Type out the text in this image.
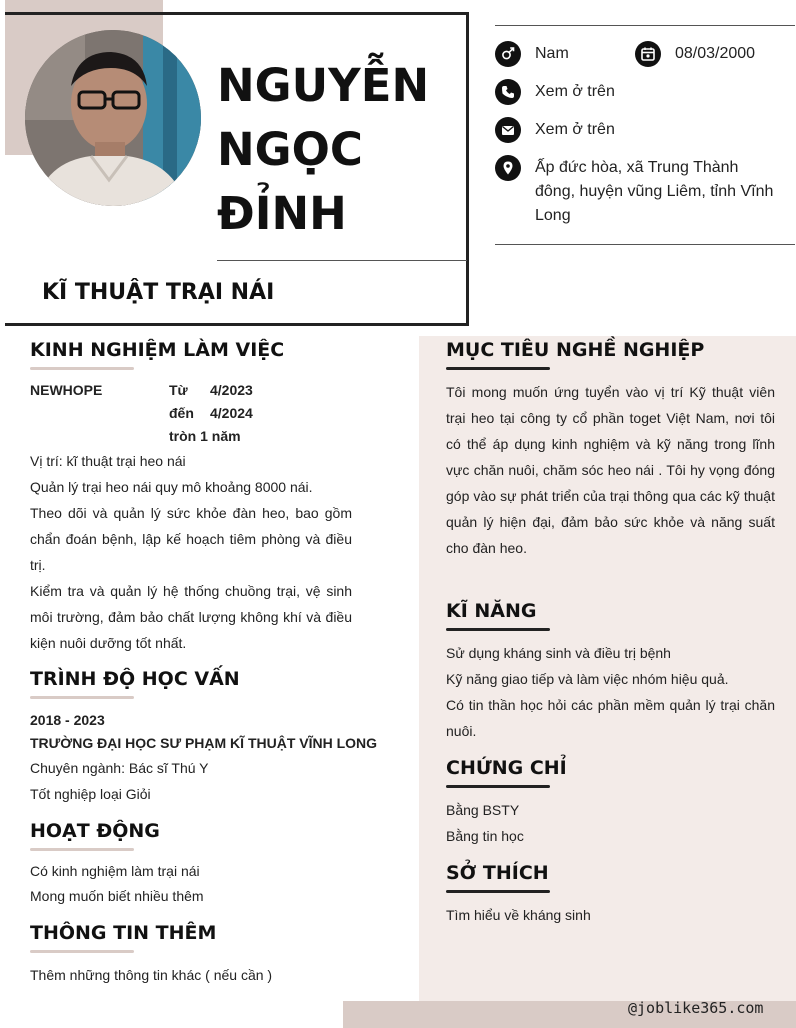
NGUYỄN NGỌC ĐỈNH
KĨ THUẬT TRẠI NÁI
Nam	08/03/2000
Xem ở trên
Xem ở trên
Ấp đức hòa, xã Trung Thành đông, huyện vũng Liêm, tỉnh Vĩnh Long
KINH NGHIỆM LÀM VIỆC
NEWHOPE	Từ 4/2023
đến 4/2024
tròn 1 năm
Vị trí: kĩ thuật trại heo nái
Quản lý trại heo nái quy mô khoảng 8000 nái.
Theo dõi và quản lý sức khỏe đàn heo, bao gồm chẩn đoán bệnh, lập kế hoạch tiêm phòng và điều trị.
Kiểm tra và quản lý hệ thống chuồng trại, vệ sinh môi trường, đảm bảo chất lượng không khí và điều kiện nuôi dưỡng tốt nhất.
TRÌNH ĐỘ HỌC VẤN
2018 - 2023
TRƯỜNG ĐẠI HỌC SƯ PHẠM KĨ THUẬT VĨNH LONG
Chuyên ngành: Bác sĩ Thú Y
Tốt nghiệp loại Giỏi
HOẠT ĐỘNG
Có kinh nghiệm làm trại nái
Mong muốn biết nhiều thêm
THÔNG TIN THÊM
Thêm những thông tin khác ( nếu cần )
MỤC TIÊU NGHỀ NGHIỆP
Tôi mong muốn ứng tuyển vào vị trí Kỹ thuật viên trại heo tại công ty cổ phần toget Việt Nam, nơi tôi có thể áp dụng kinh nghiệm và kỹ năng trong lĩnh vực chăn nuôi, chăm sóc heo nái . Tôi hy vọng đóng góp vào sự phát triển của trại thông qua các kỹ thuật quản lý hiện đại, đảm bảo sức khỏe và năng suất cho đàn heo.
KĨ NĂNG
Sử dụng kháng sinh và điều trị bệnh
Kỹ năng giao tiếp và làm việc nhóm hiệu quả.
Có tin thần học hỏi các phần mềm quản lý trại chăn nuôi.
CHỨNG CHỈ
Bằng BSTY
Bằng tin học
SỞ THÍCH
Tìm hiểu về kháng sinh
@joblike365.com
